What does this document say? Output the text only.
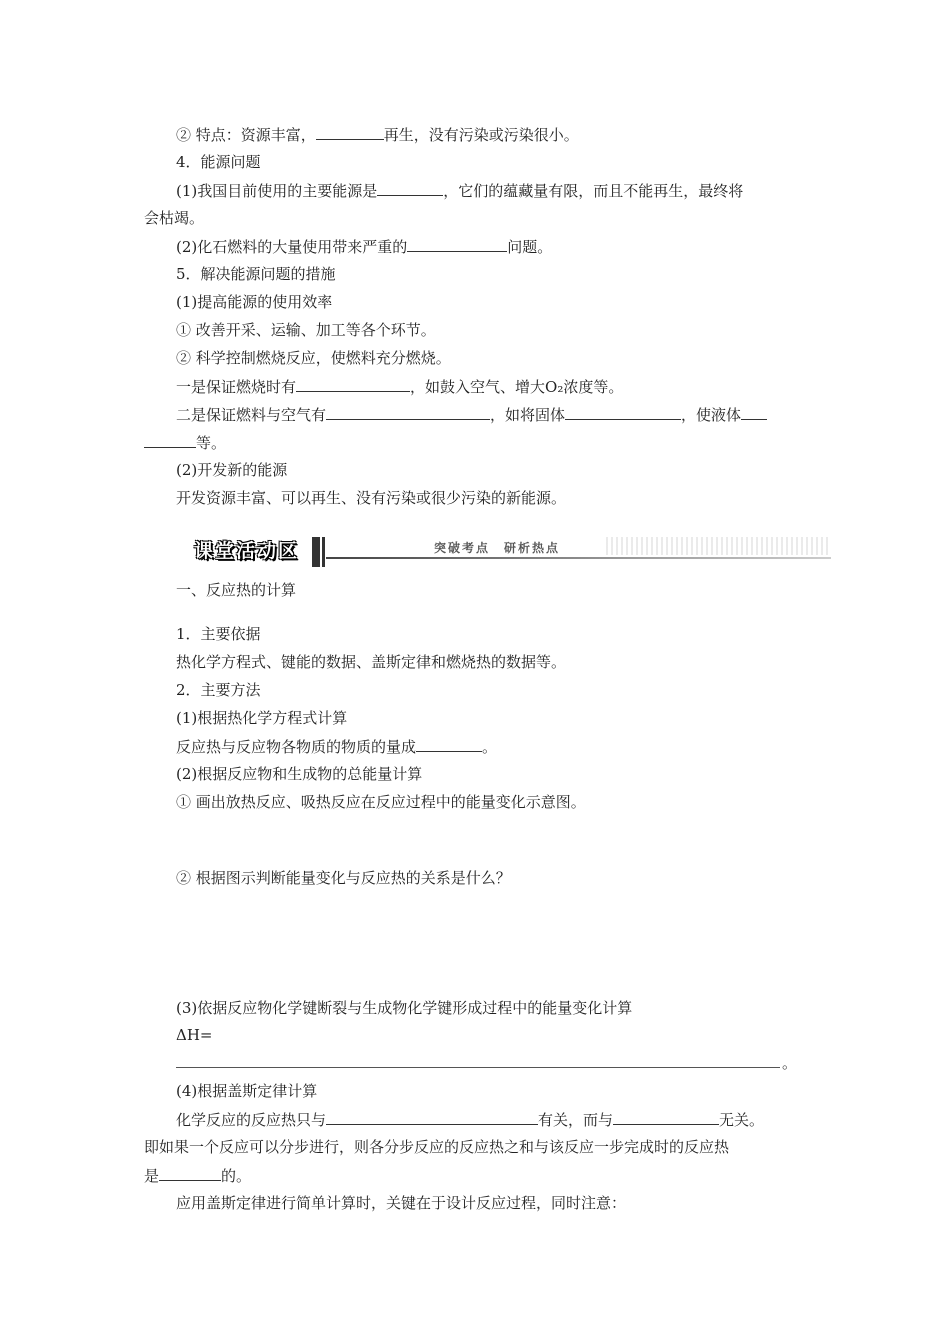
② 特点：资源丰富，	再生，没有污染或污染很小。
4．能源问题
(1)我国目前使用的主要能源是	，它们的蕴藏量有限，而且不能再生，最终将
会枯竭。
(2)化石燃料的大量使用带来严重的	问题。
5．解决能源问题的措施
(1)提高能源的使用效率
① 改善开采、运输、加工等各个环节。
② 科学控制燃烧反应，使燃料充分燃烧。
一是保证燃烧时有	，如鼓入空气、增大O₂浓度等。
二是保证燃料与空气有	，如将固体	，使液体
等。
(2)开发新的能源
开发资源丰富、可以再生、没有污染或很少污染的新能源。
课堂活动区	突破考点　研析热点
一、反应热的计算
1．主要依据
热化学方程式、键能的数据、盖斯定律和燃烧热的数据等。
2．主要方法
(1)根据热化学方程式计算
反应热与反应物各物质的物质的量成	。
(2)根据反应物和生成物的总能量计算
① 画出放热反应、吸热反应在反应过程中的能量变化示意图。
② 根据图示判断能量变化与反应热的关系是什么？
(3)依据反应物化学键断裂与生成物化学键形成过程中的能量变化计算
ΔH=
。
(4)根据盖斯定律计算
化学反应的反应热只与	有关，而与	无关。
即如果一个反应可以分步进行，则各分步反应的反应热之和与该反应一步完成时的反应热
是	的。
应用盖斯定律进行简单计算时，关键在于设计反应过程，同时注意：
